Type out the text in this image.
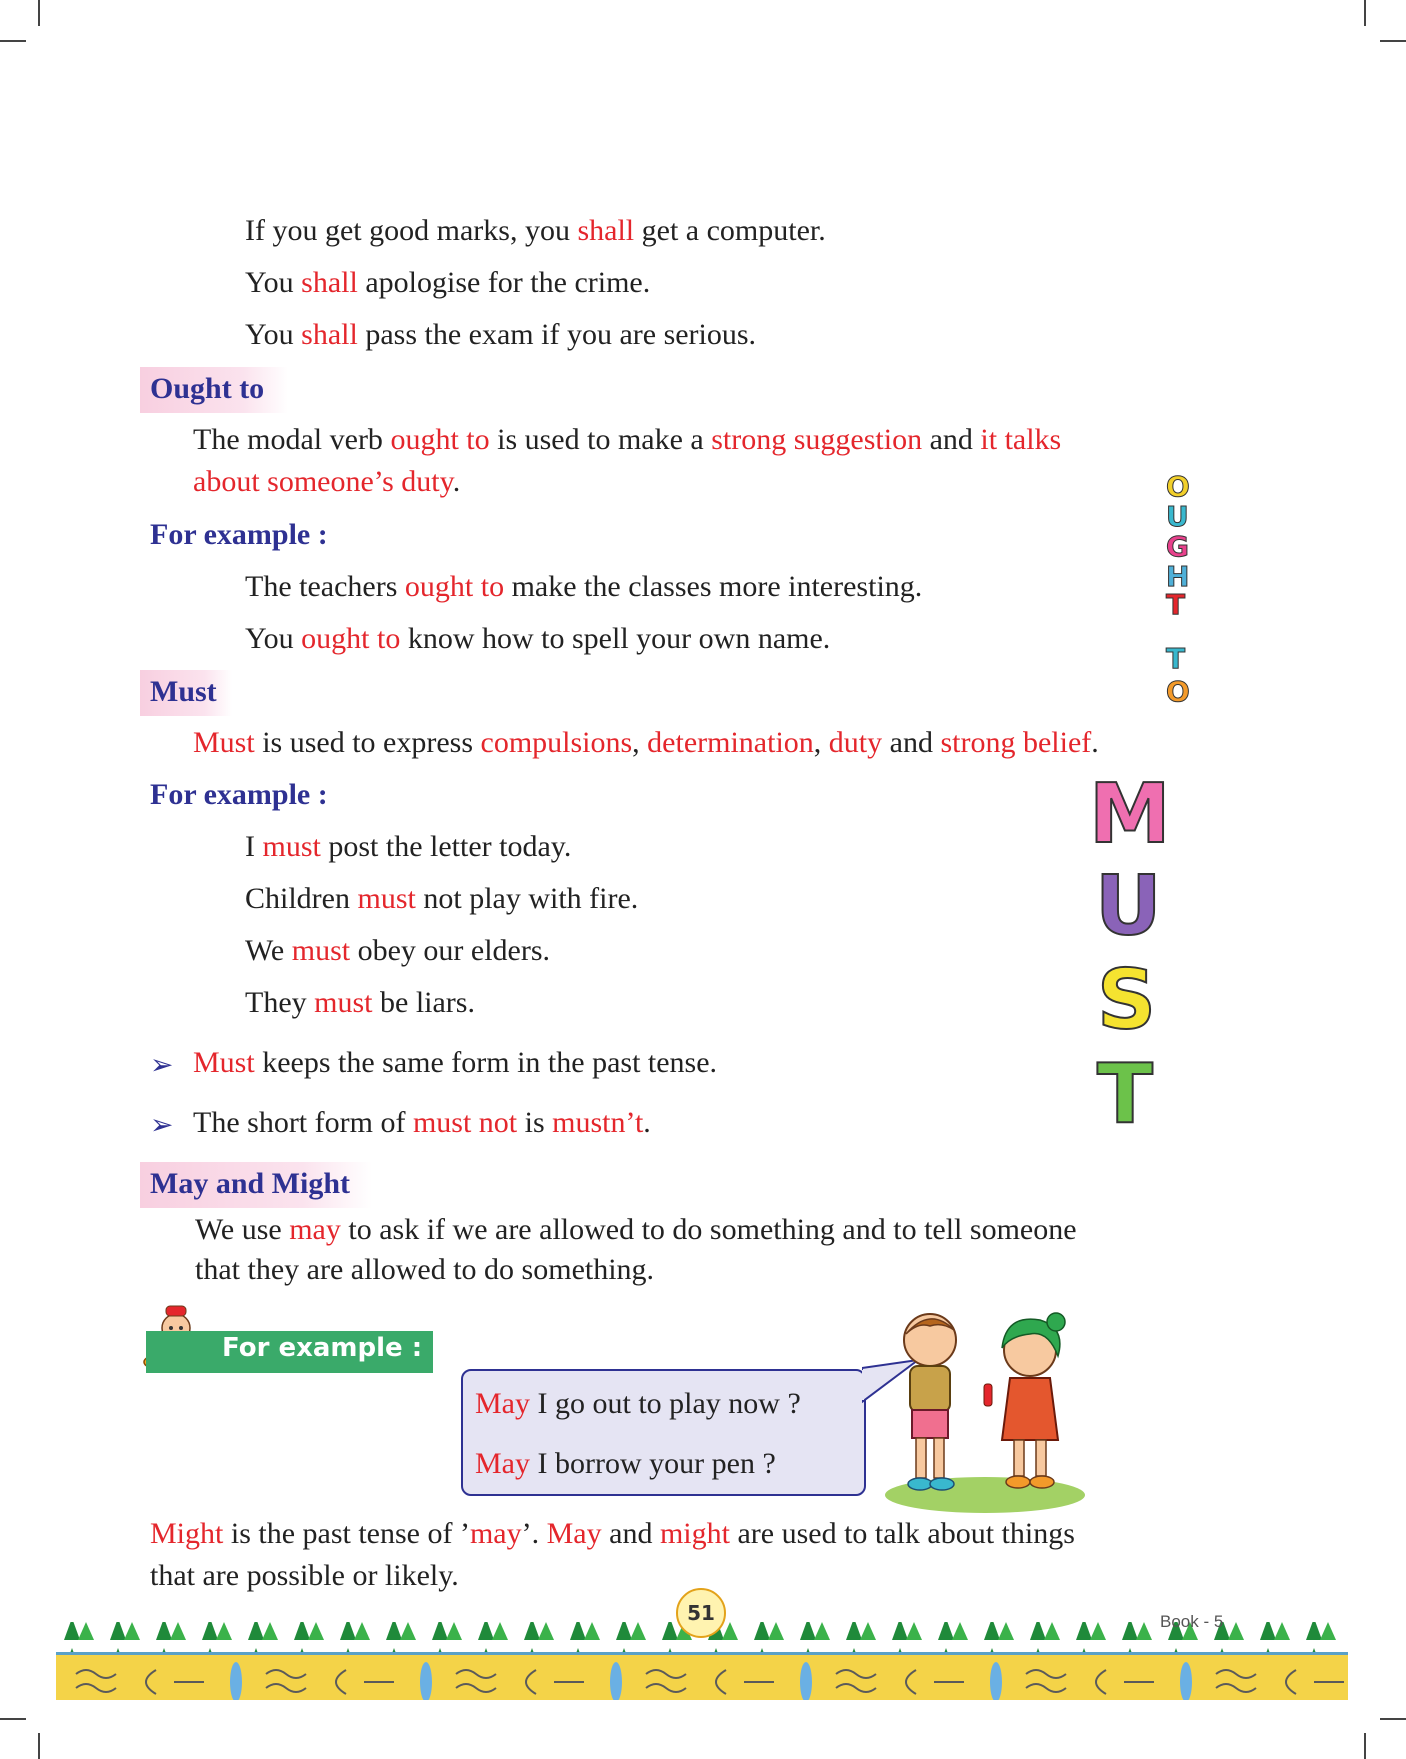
If you get good marks, you shall get a computer.
You shall apologise for the crime.
You shall pass the exam if you are serious.
Ought to
The modal verb ought to is used to make a strong suggestion and it talks
about someone’s duty.
For example :
The teachers ought to make the classes more interesting.
You ought to know how to spell your own name.
O
U
G
H
T
T
O
Must
Must is used to express compulsions, determination, duty and strong belief.
For example :
I must post the letter today.
Children must not play with fire.
We must obey our elders.
They must be liars.
➢ Must keeps the same form in the past tense.
➢ The short form of must not is mustn’t.
M
U
S
T
May and Might
We use may to ask if we are allowed to do something and to tell someone
that they are allowed to do something.
For example :
May I go out to play now ?
May I borrow your pen ?
Might is the past tense of ’may’. May and might are used to talk about things
that are possible or likely.
51	Book - 5
